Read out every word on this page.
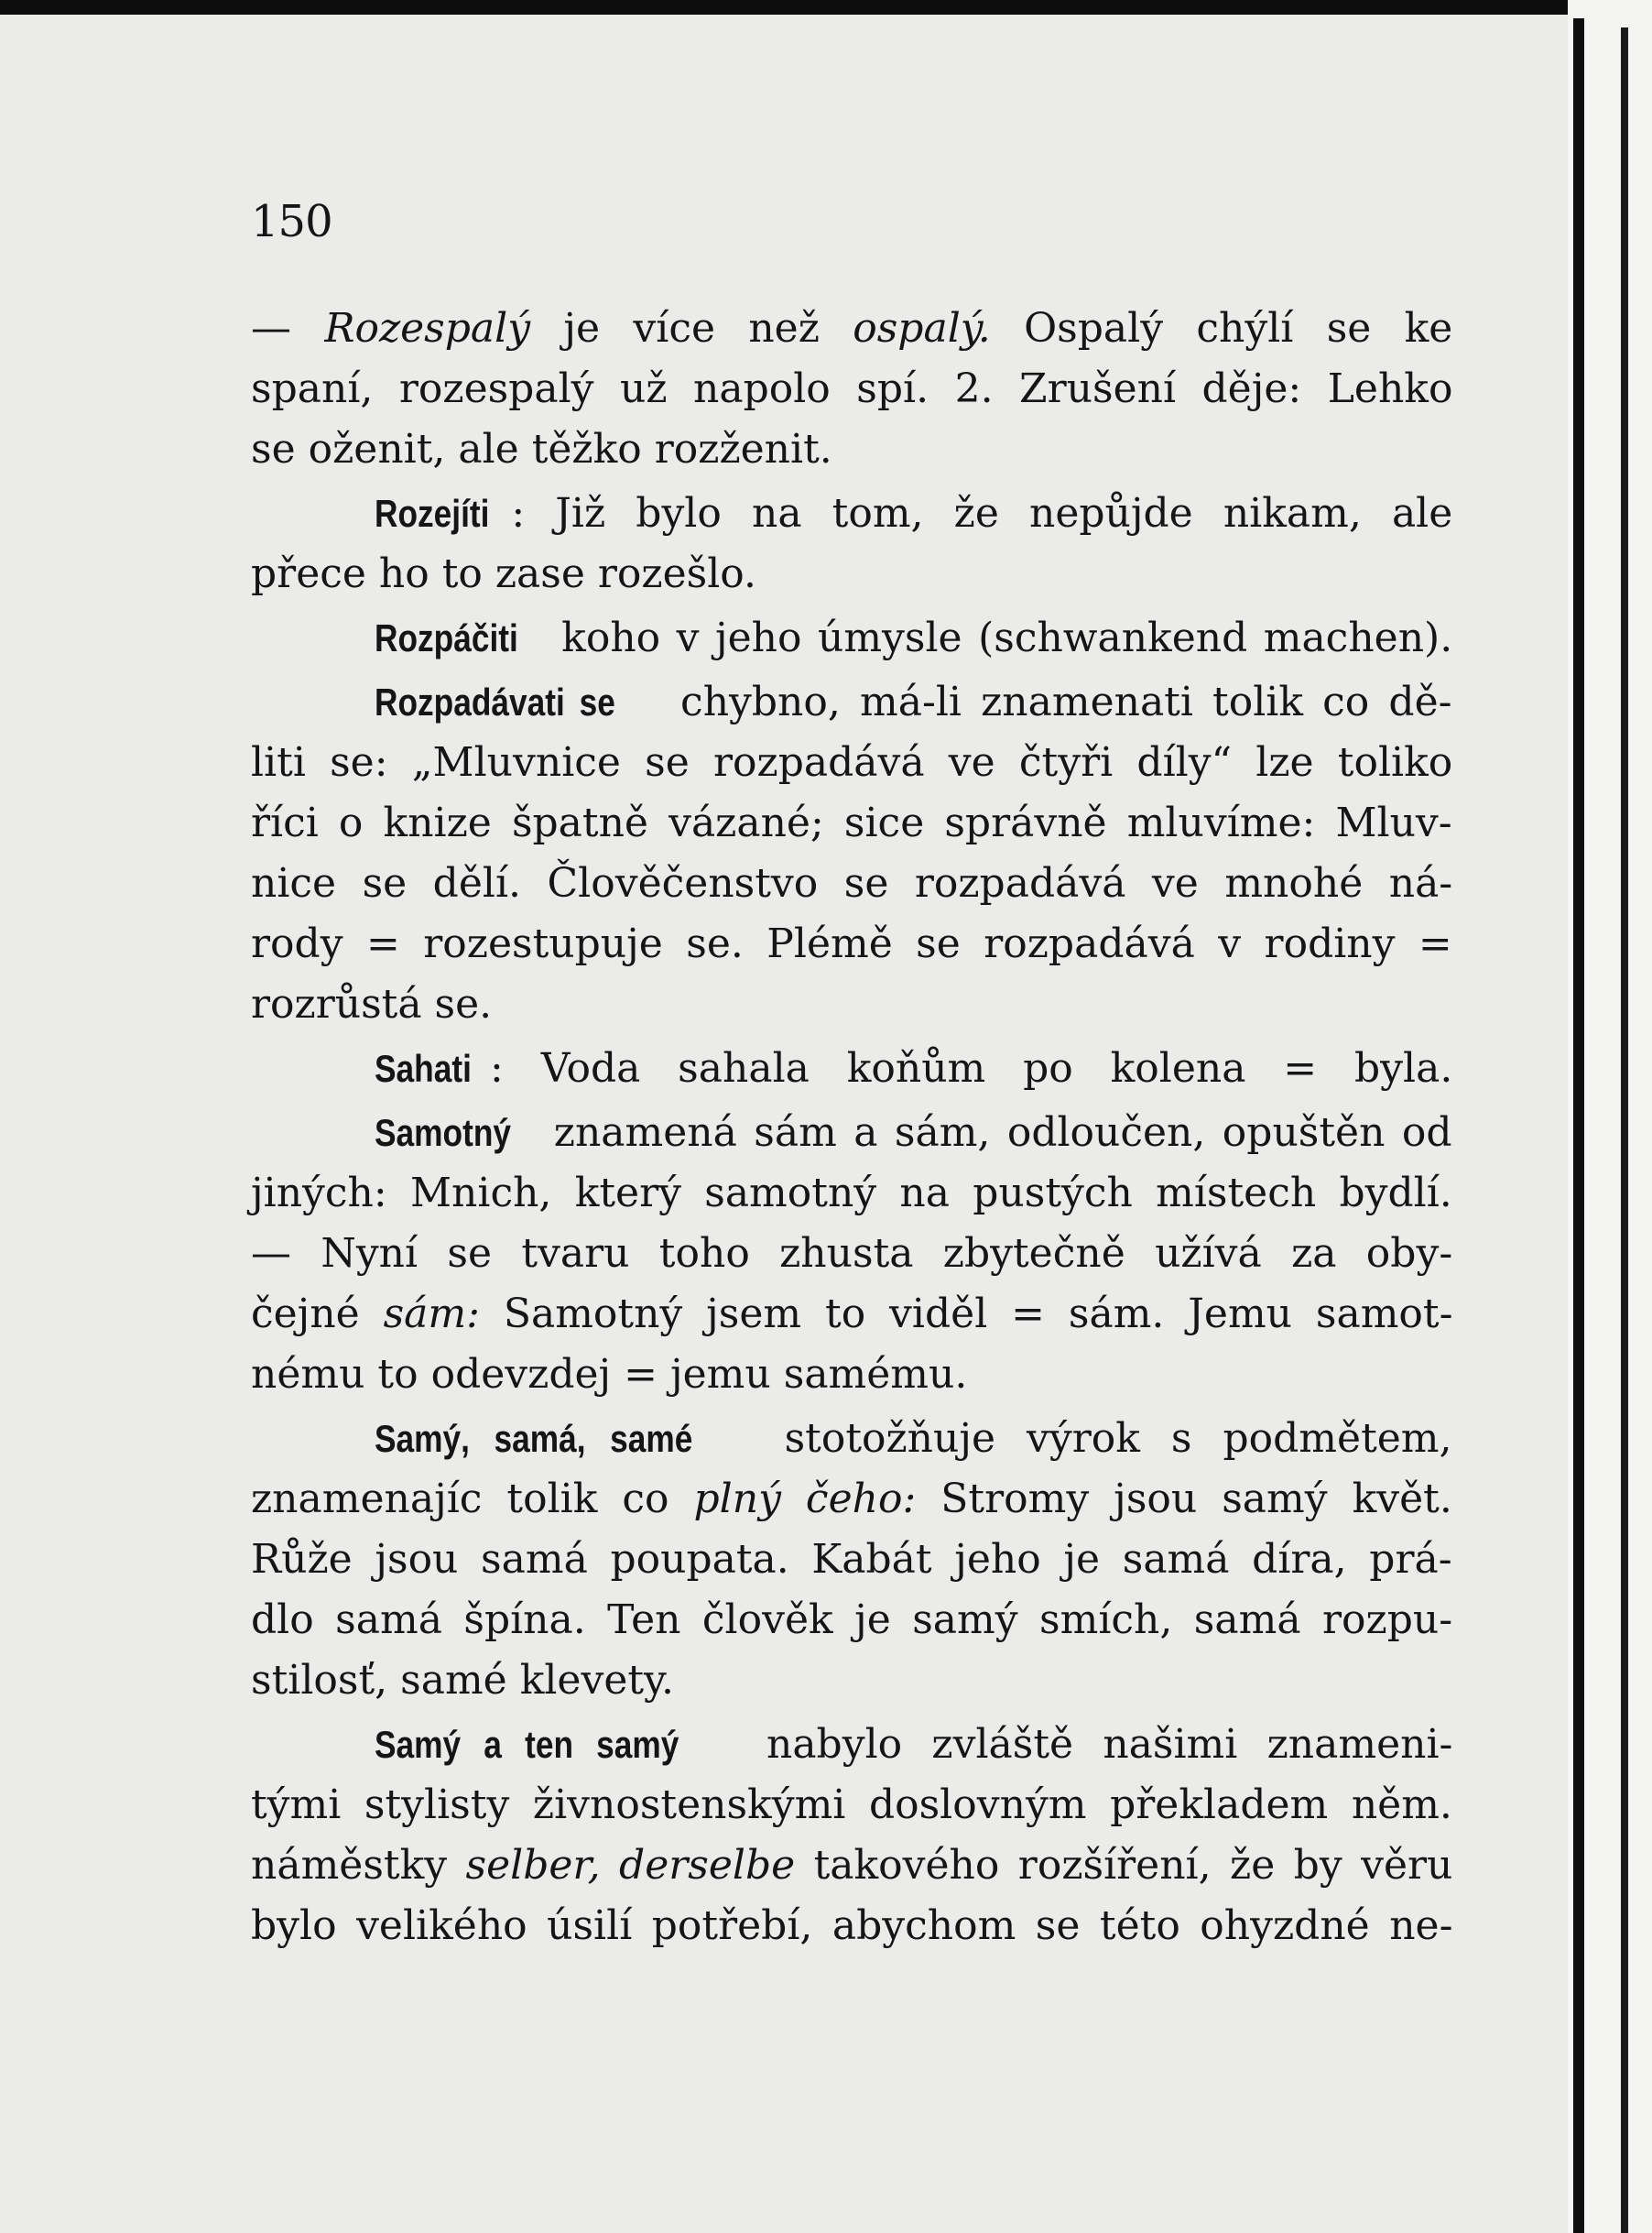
150
— Rozespalý je více než ospalý. Ospalý chýlí se ke
spaní, rozespalý už napolo spí. 2. Zrušení děje: Lehko
se oženit, ale těžko rozženit.
Rozejíti : Již bylo na tom, že nepůjde nikam, ale
přece ho to zase rozešlo.
Rozpáčiti koho v jeho úmysle (schwankend machen).
Rozpadávati se chybno, má-li znamenati tolik co dě-
liti se: „Mluvnice se rozpadává ve čtyři díly“ lze toliko
říci o knize špatně vázané; sice správně mluvíme: Mluv-
nice se dělí. Člověčenstvo se rozpadává ve mnohé ná-
rody = rozestupuje se. Plémě se rozpadává v rodiny =
rozrůstá se.
Sahati : Voda sahala koňům po kolena = byla.
Samotný znamená sám a sám, odloučen, opuštěn od
jiných: Mnich, který samotný na pustých místech bydlí.
— Nyní se tvaru toho zhusta zbytečně užívá za oby-
čejné sám: Samotný jsem to viděl = sám. Jemu samot-
nému to odevzdej = jemu samému.
Samý, samá, samé stotožňuje výrok s podmětem,
znamenajíc tolik co plný čeho: Stromy jsou samý květ.
Růže jsou samá poupata. Kabát jeho je samá díra, prá-
dlo samá špína. Ten člověk je samý smích, samá rozpu-
stilosť, samé klevety.
Samý a ten samý nabylo zvláště našimi znameni-
tými stylisty živnostenskými doslovným překladem něm.
náměstky selber, derselbe takového rozšíření, že by věru
bylo velikého úsilí potřebí, abychom se této ohyzdné ne-
